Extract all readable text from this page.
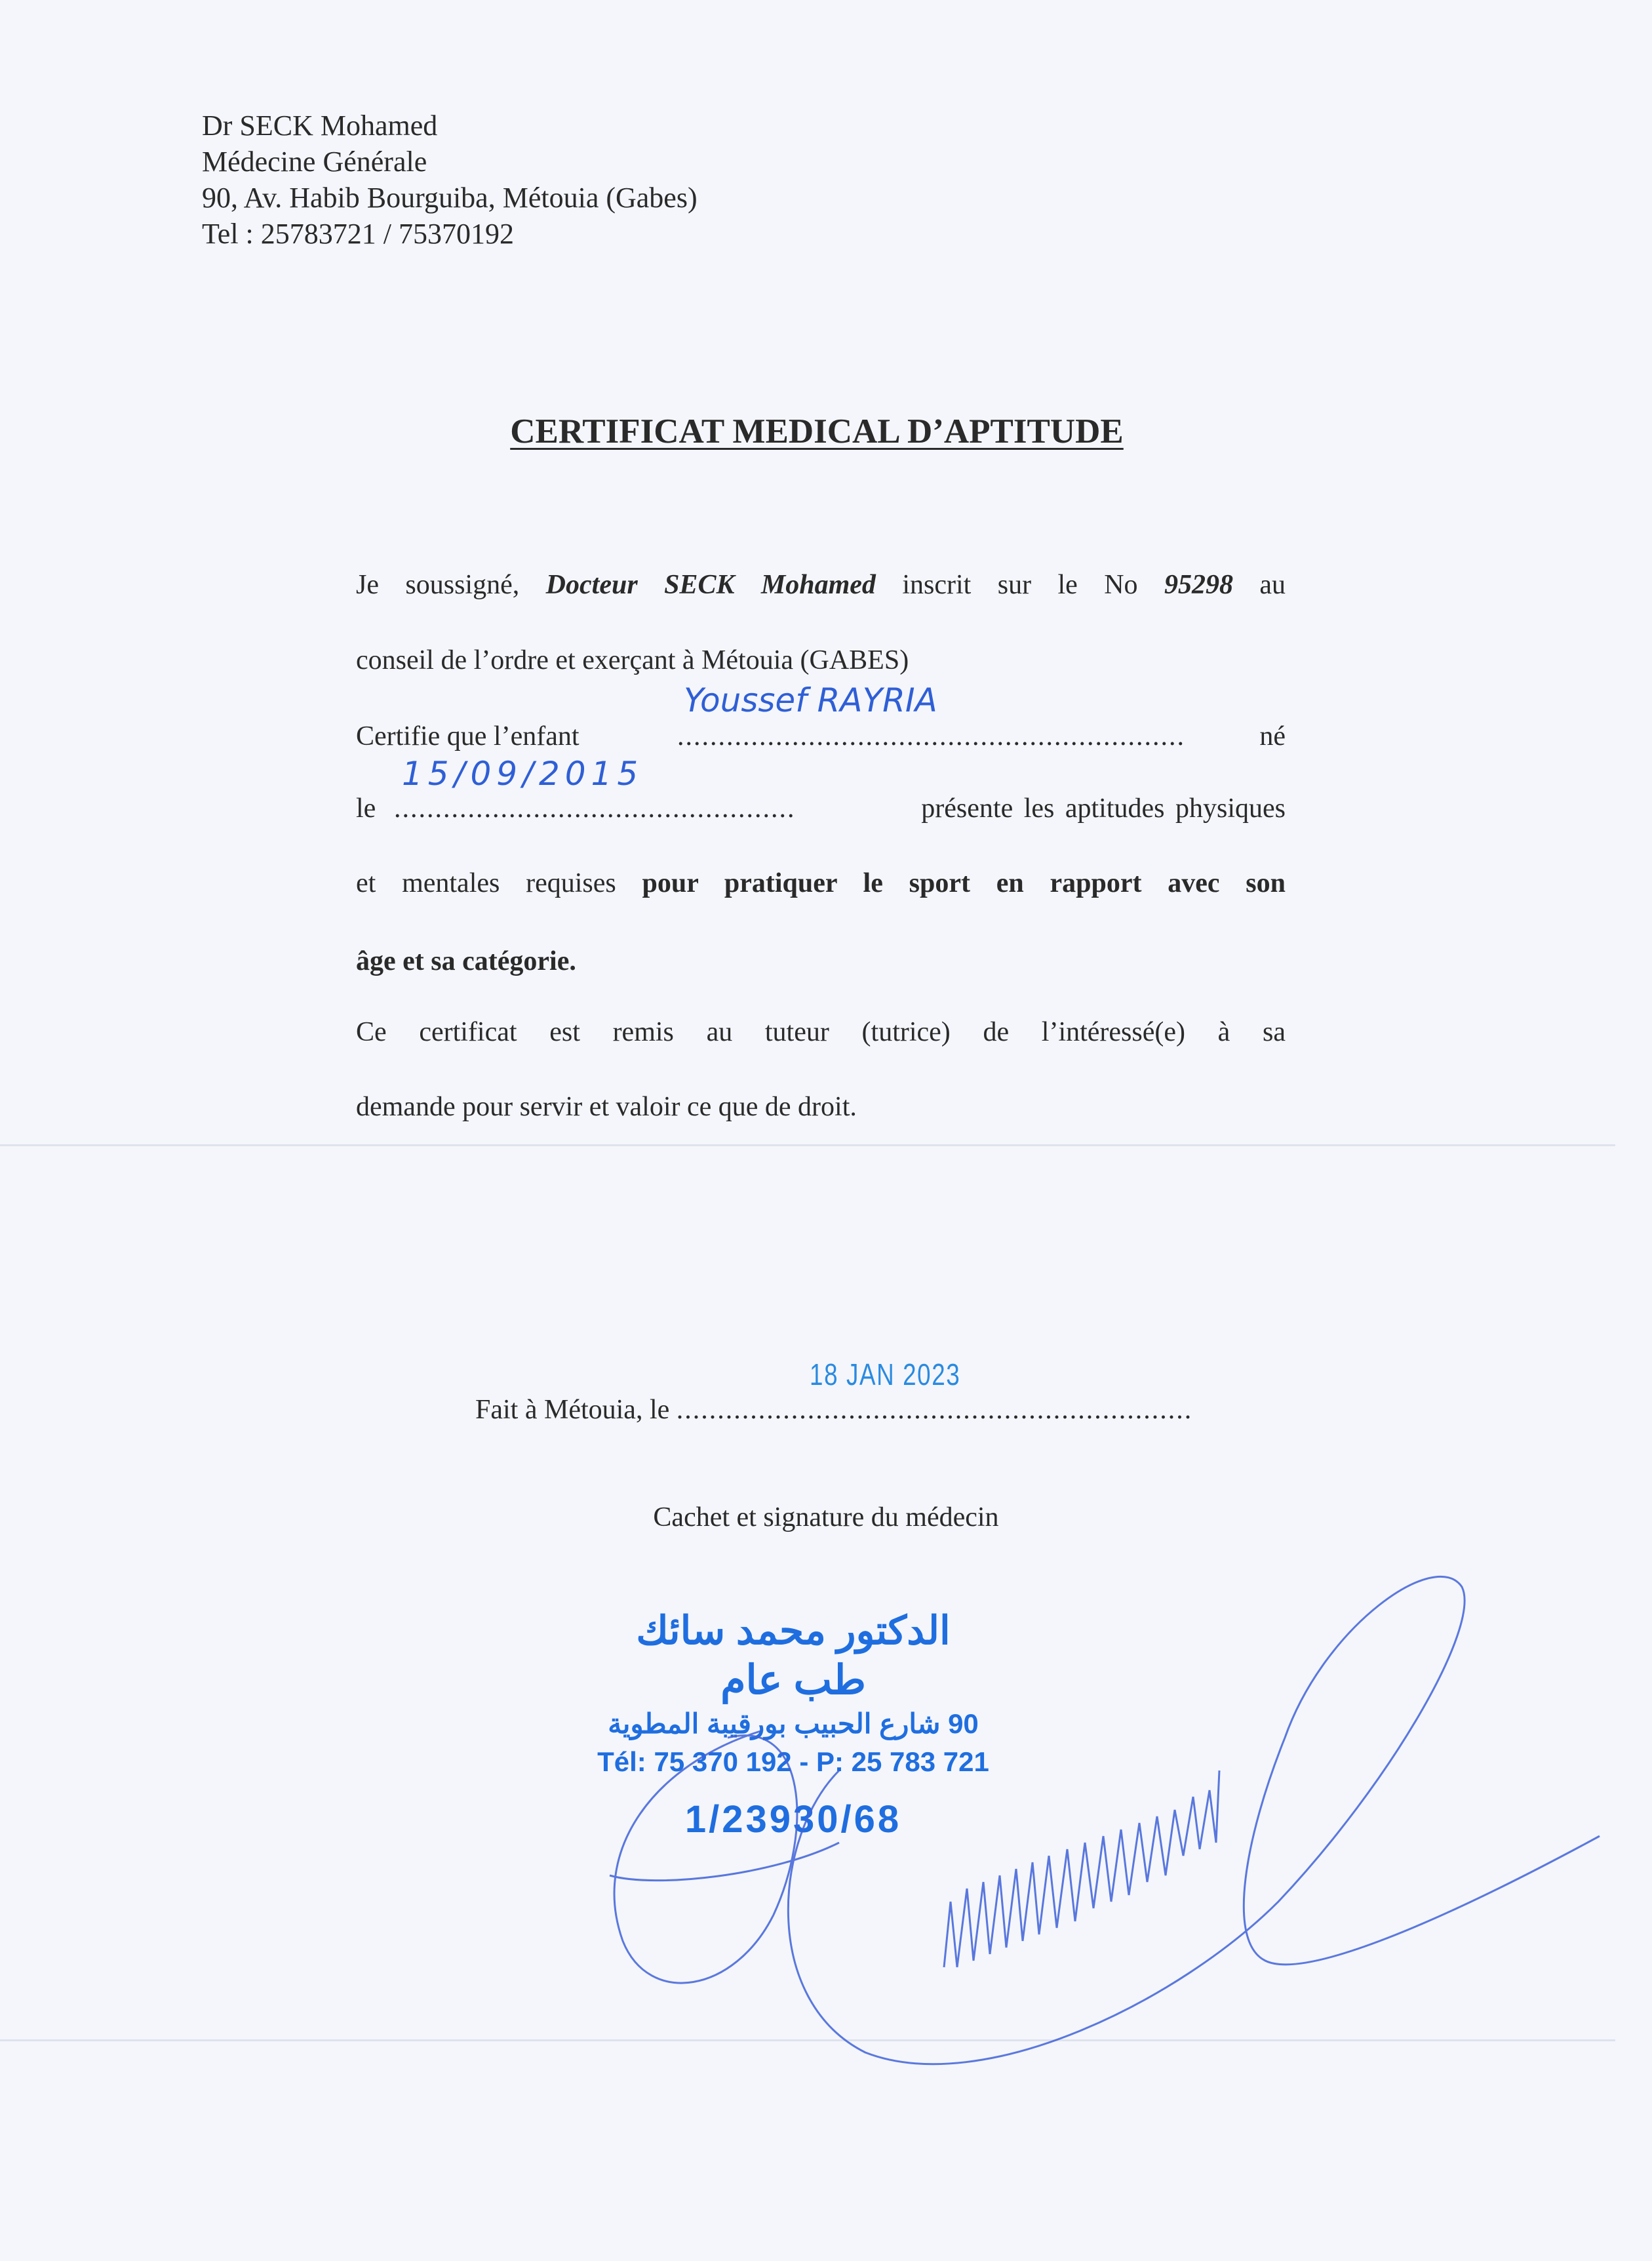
Dr SECK Mohamed
Médecine Générale
90, Av. Habib Bourguiba, Métouia (Gabes)
Tel : 25783721 / 75370192
CERTIFICAT MEDICAL D’APTITUDE
Je soussigné, Docteur SECK Mohamed inscrit sur le No 95298 au
conseil de l’ordre et exerçant à Métouia (GABES)
Certifie que l’enfant	..............................................................	né
Youssef RAYRIA
le .................................................	présente les aptitudes physiques
15/09/2015
et mentales requises pour pratiquer le sport en rapport avec son
âge et sa catégorie.
Ce certificat est remis au tuteur (tutrice) de l’intéressé(e) à sa
demande pour servir et valoir ce que de droit.
Fait à Métouia, le ...............................................................
18 JAN 2023
Cachet et signature du médecin
الدكتور محمد سائك
طب عام
90 شارع الحبيب بورقيبة المطوية
Tél: 75 370 192 - P: 25 783 721
1/23930/68
